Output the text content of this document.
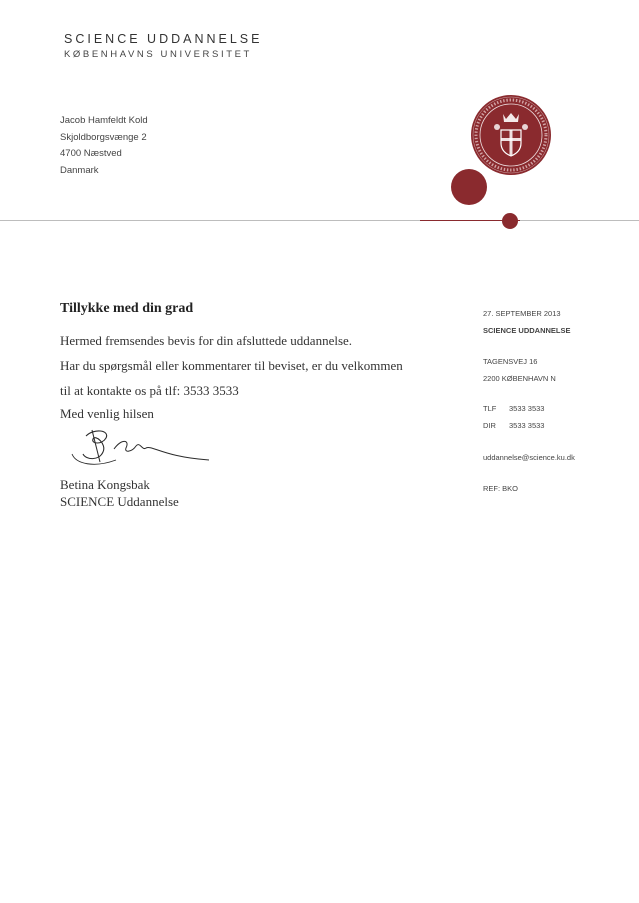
SCIENCE UDDANNELSE
KØBENHAVNS UNIVERSITET
Jacob Hamfeldt Kold
Skjoldborgsvænge 2
4700 Næstved
Danmark
Tillykke med din grad
Hermed fremsendes bevis for din afsluttede uddannelse.
Har du spørgsmål eller kommentarer til beviset, er du velkommen
til at kontakte os på tlf: 3533 3533
Med venlig hilsen
Betina Kongsbak
SCIENCE Uddannelse
27. SEPTEMBER 2013
SCIENCE UDDANNELSE
TAGENSVEJ 16
2200 KØBENHAVN N
TLF 3533 3533
DIR 3533 3533
uddannelse@science.ku.dk
REF: BKO
